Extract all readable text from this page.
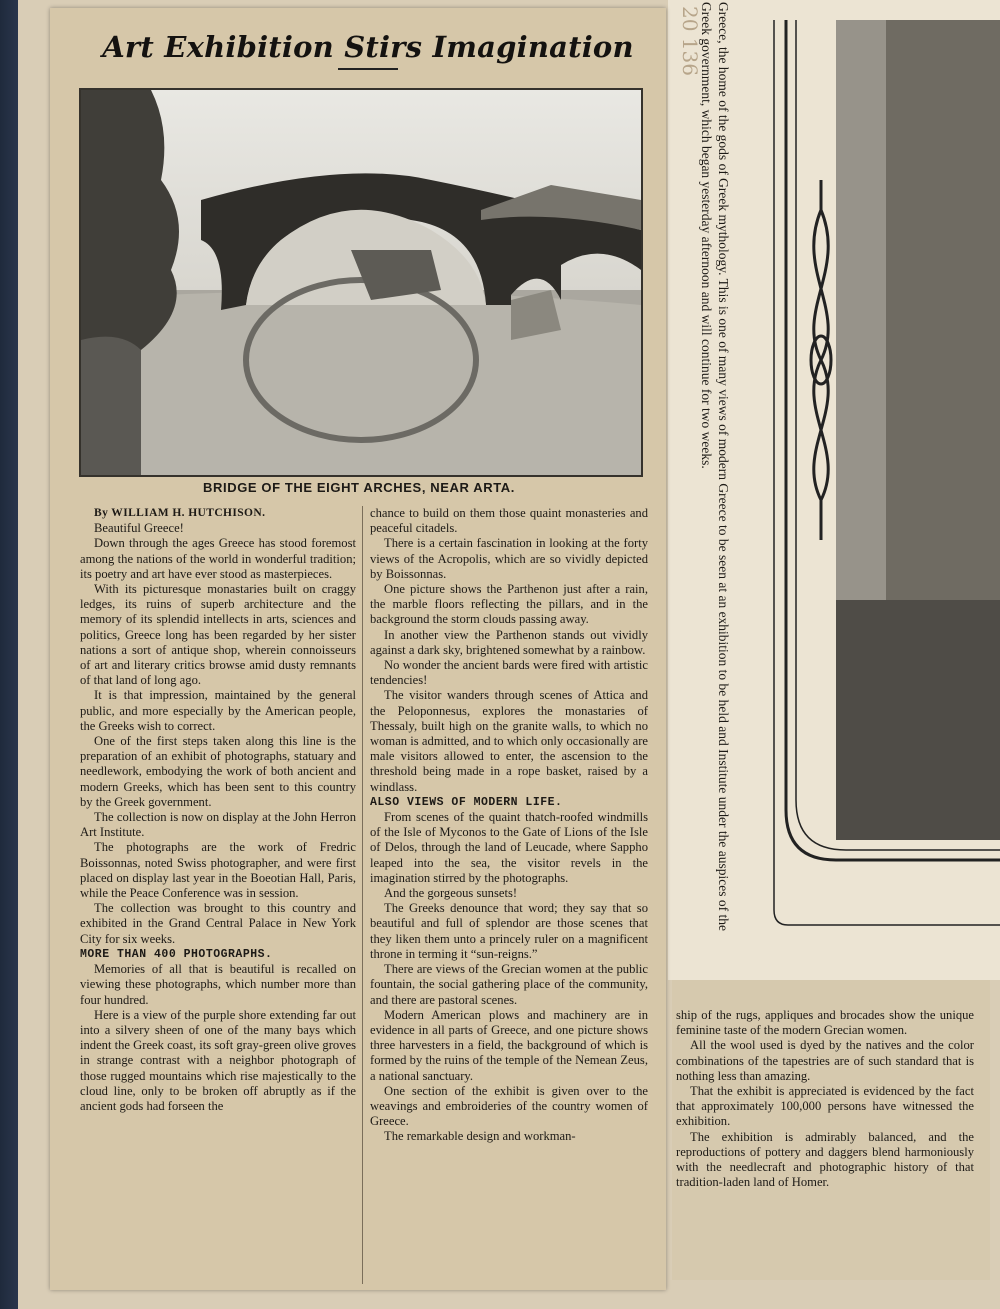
Greece, the home of the gods of Greek mythology. This is one of many views of modern Greece to be seen at an exhibition to be held and Institute under the auspices of the Greek government, which began yesterday afternoon and will continue for two weeks.
20 136
Art Exhibition Stirs Imagination
BRIDGE OF THE EIGHT ARCHES, NEAR ARTA.

By WILLIAM H. HUTCHISON.

Beautiful Greece!

Down through the ages Greece has stood foremost among the nations of the world in wonderful tradition; its poetry and art have ever stood as masterpieces.

With its picturesque monastaries built on craggy ledges, its ruins of superb architecture and the memory of its splendid intellects in arts, sciences and politics, Greece long has been regarded by her sister nations a sort of antique shop, wherein connoisseurs of art and literary critics browse amid dusty remnants of that land of long ago.

It is that impression, maintained by the general public, and more especially by the American people, the Greeks wish to correct.

One of the first steps taken along this line is the preparation of an exhibit of photographs, statuary and needlework, embodying the work of both ancient and modern Greeks, which has been sent to this country by the Greek government.

The collection is now on display at the John Herron Art Institute.

The photographs are the work of Fredric Boissonnas, noted Swiss photographer, and were first placed on display last year in the Boeotian Hall, Paris, while the Peace Conference was in session.

The collection was brought to this country and exhibited in the Grand Central Palace in New York City for six weeks.

MORE THAN 400 PHOTOGRAPHS.

Memories of all that is beautiful is recalled on viewing these photographs, which number more than four hundred.

Here is a view of the purple shore extending far out into a silvery sheen of one of the many bays which indent the Greek coast, its soft gray-green olive groves in strange contrast with a neighbor photograph of those rugged mountains which rise majestically to the cloud line, only to be broken off abruptly as if the ancient gods had forseen the

chance to build on them those quaint monasteries and peaceful citadels.

There is a certain fascination in looking at the forty views of the Acropolis, which are so vividly depicted by Boissonnas.

One picture shows the Parthenon just after a rain, the marble floors reflecting the pillars, and in the background the storm clouds passing away.

In another view the Parthenon stands out vividly against a dark sky, brightened somewhat by a rainbow.

No wonder the ancient bards were fired with artistic tendencies!

The visitor wanders through scenes of Attica and the Peloponnesus, explores the monastaries of Thessaly, built high on the granite walls, to which no woman is admitted, and to which only occasionally are male visitors allowed to enter, the ascension to the threshold being made in a rope basket, raised by a windlass.

ALSO VIEWS OF MODERN LIFE.

From scenes of the quaint thatch-roofed windmills of the Isle of Myconos to the Gate of Lions of the Isle of Delos, through the land of Leucade, where Sappho leaped into the sea, the visitor revels in the imagination stirred by the photographs.

And the gorgeous sunsets!

The Greeks denounce that word; they say that so beautiful and full of splendor are those scenes that they liken them unto a princely ruler on a magnificent throne in terming it “sun-reigns.”

There are views of the Grecian women at the public fountain, the social gathering place of the community, and there are pastoral scenes.

Modern American plows and machinery are in evidence in all parts of Greece, and one picture shows three harvesters in a field, the background of which is formed by the ruins of the temple of the Nemean Zeus, a national sanctuary.

One section of the exhibit is given over to the weavings and embroideries of the country women of Greece.

The remarkable design and workman-

ship of the rugs, appliques and brocades show the unique feminine taste of the modern Grecian women.

All the wool used is dyed by the natives and the color combinations of the tapestries are of such standard that is nothing less than amazing.

That the exhibit is appreciated is evidenced by the fact that approximately 100,000 persons have witnessed the exhibition.

The exhibition is admirably balanced, and the reproductions of pottery and daggers blend harmoniously with the needlecraft and photographic history of that tradition-laden land of Homer.
